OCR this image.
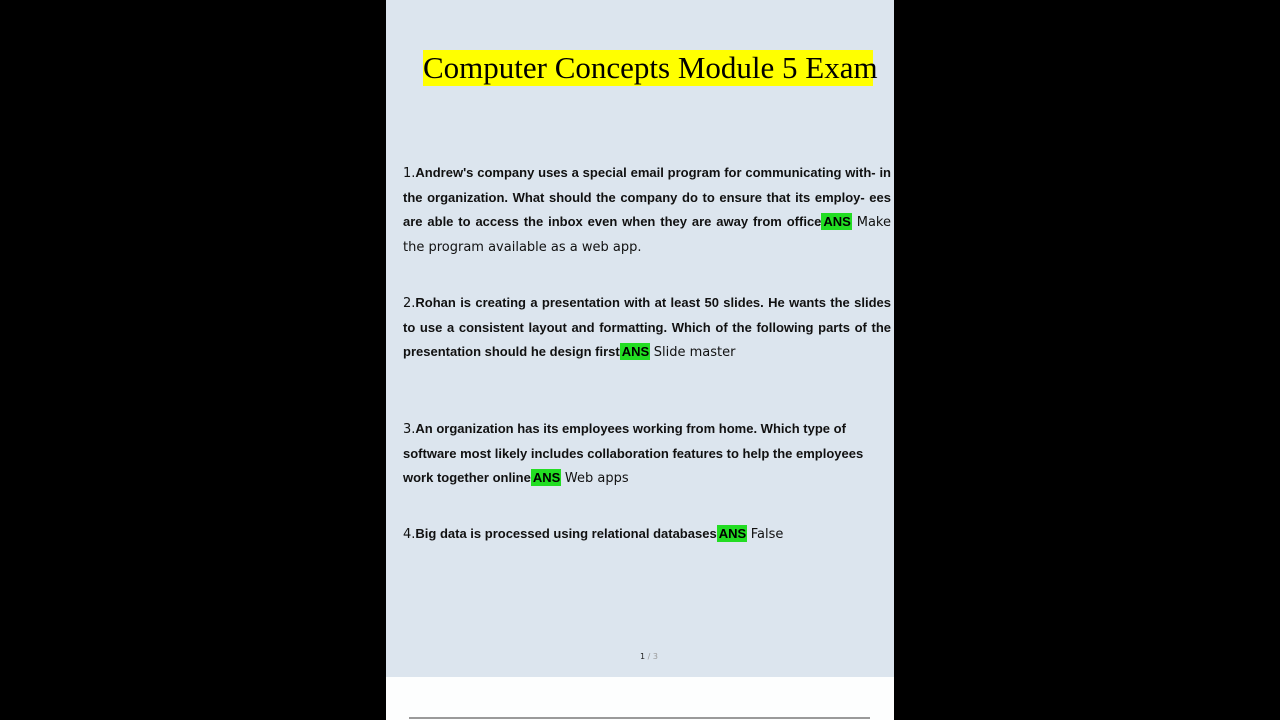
Computer Concepts Module 5 Exam
1.Andrew's company uses a special email program for communicating with- in the organization. What should the company do to ensure that its employ- ees are able to access the inbox even when they are away from office ANS Make the program available as a web app.
2.Rohan is creating a presentation with at least 50 slides. He wants the slides to use a consistent layout and formatting. Which of the following parts of the presentation should he design first ANS Slide master
3.An organization has its employees working from home. Which type of software most likely includes collaboration features to help the employees work together online ANS Web apps
4.Big data is processed using relational databases ANS False
1 / 3
